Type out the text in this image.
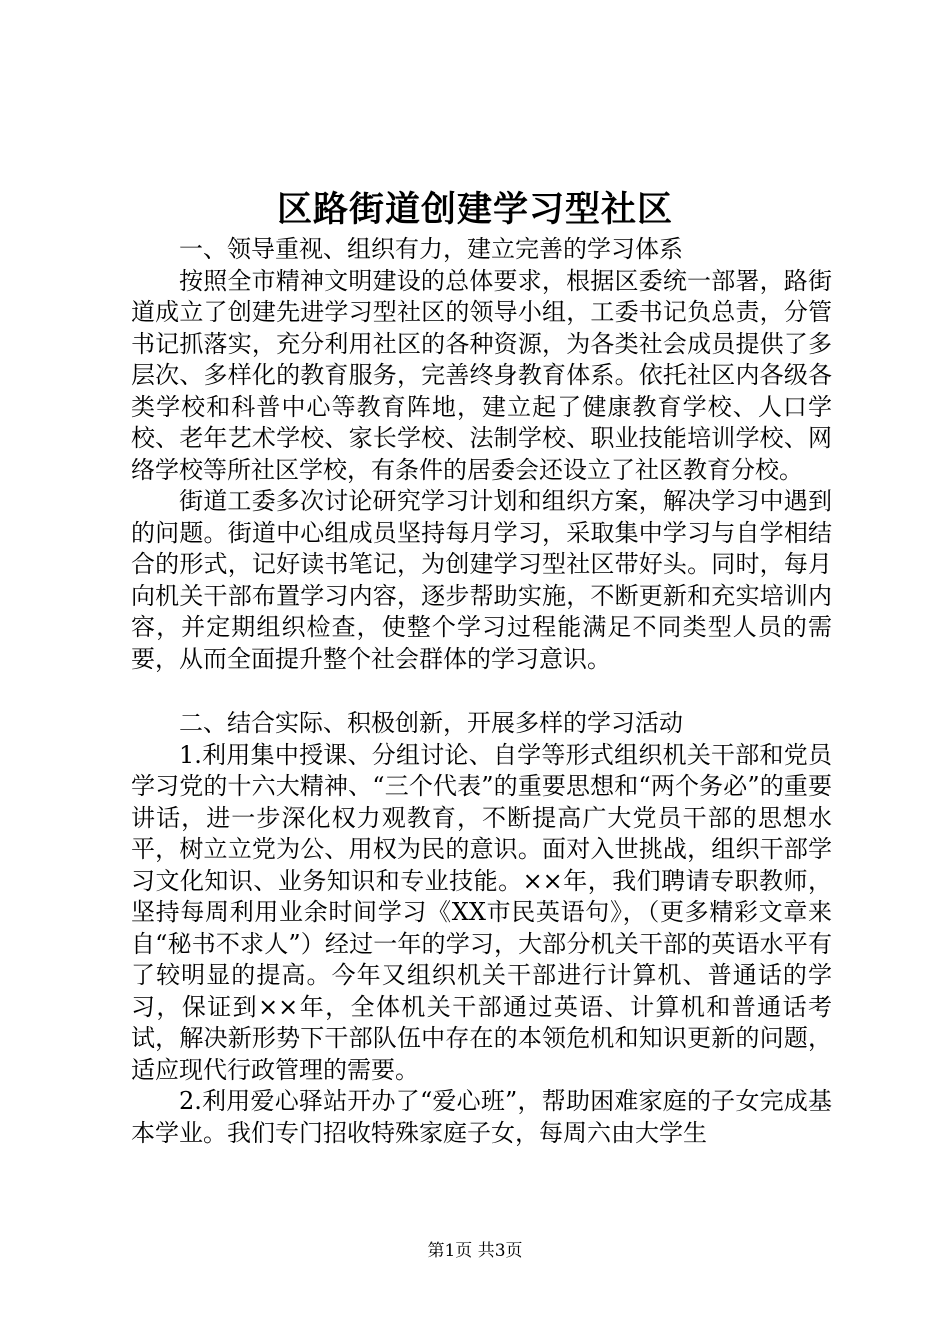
区路街道创建学习型社区

一、领导重视、组织有力，建立完善的学习体系

按照全市精神文明建设的总体要求，根据区委统一部署，路街道成立了创建先进学习型社区的领导小组，工委书记负总责，分管书记抓落实，充分利用社区的各种资源，为各类社会成员提供了多层次、多样化的教育服务，完善终身教育体系。依托社区内各级各类学校和科普中心等教育阵地，建立起了健康教育学校、人口学校、老年艺术学校、家长学校、法制学校、职业技能培训学校、网络学校等所社区学校，有条件的居委会还设立了社区教育分校。

街道工委多次讨论研究学习计划和组织方案，解决学习中遇到的问题。街道中心组成员坚持每月学习，采取集中学习与自学相结合的形式，记好读书笔记，为创建学习型社区带好头。同时，每月向机关干部布置学习内容，逐步帮助实施，不断更新和充实培训内容，并定期组织检查，使整个学习过程能满足不同类型人员的需要，从而全面提升整个社会群体的学习意识。

二、结合实际、积极创新，开展多样的学习活动

1.利用集中授课、分组讨论、自学等形式组织机关干部和党员学习党的十六大精神、“三个代表”的重要思想和“两个务必”的重要讲话，进一步深化权力观教育，不断提高广大党员干部的思想水平，树立立党为公、用权为民的意识。面对入世挑战，组织干部学习文化知识、业务知识和专业技能。××年，我们聘请专职教师，坚持每周利用业余时间学习《XX市民英语句》，（更多精彩文章来自“秘书不求人”）经过一年的学习，大部分机关干部的英语水平有了较明显的提高。今年又组织机关干部进行计算机、普通话的学习，保证到××年，全体机关干部通过英语、计算机和普通话考试，解决新形势下干部队伍中存在的本领危机和知识更新的问题，适应现代行政管理的需要。

2.利用爱心驿站开办了“爱心班”，帮助困难家庭的子女完成基本学业。我们专门招收特殊家庭子女，每周六由大学生

第1页 共3页
